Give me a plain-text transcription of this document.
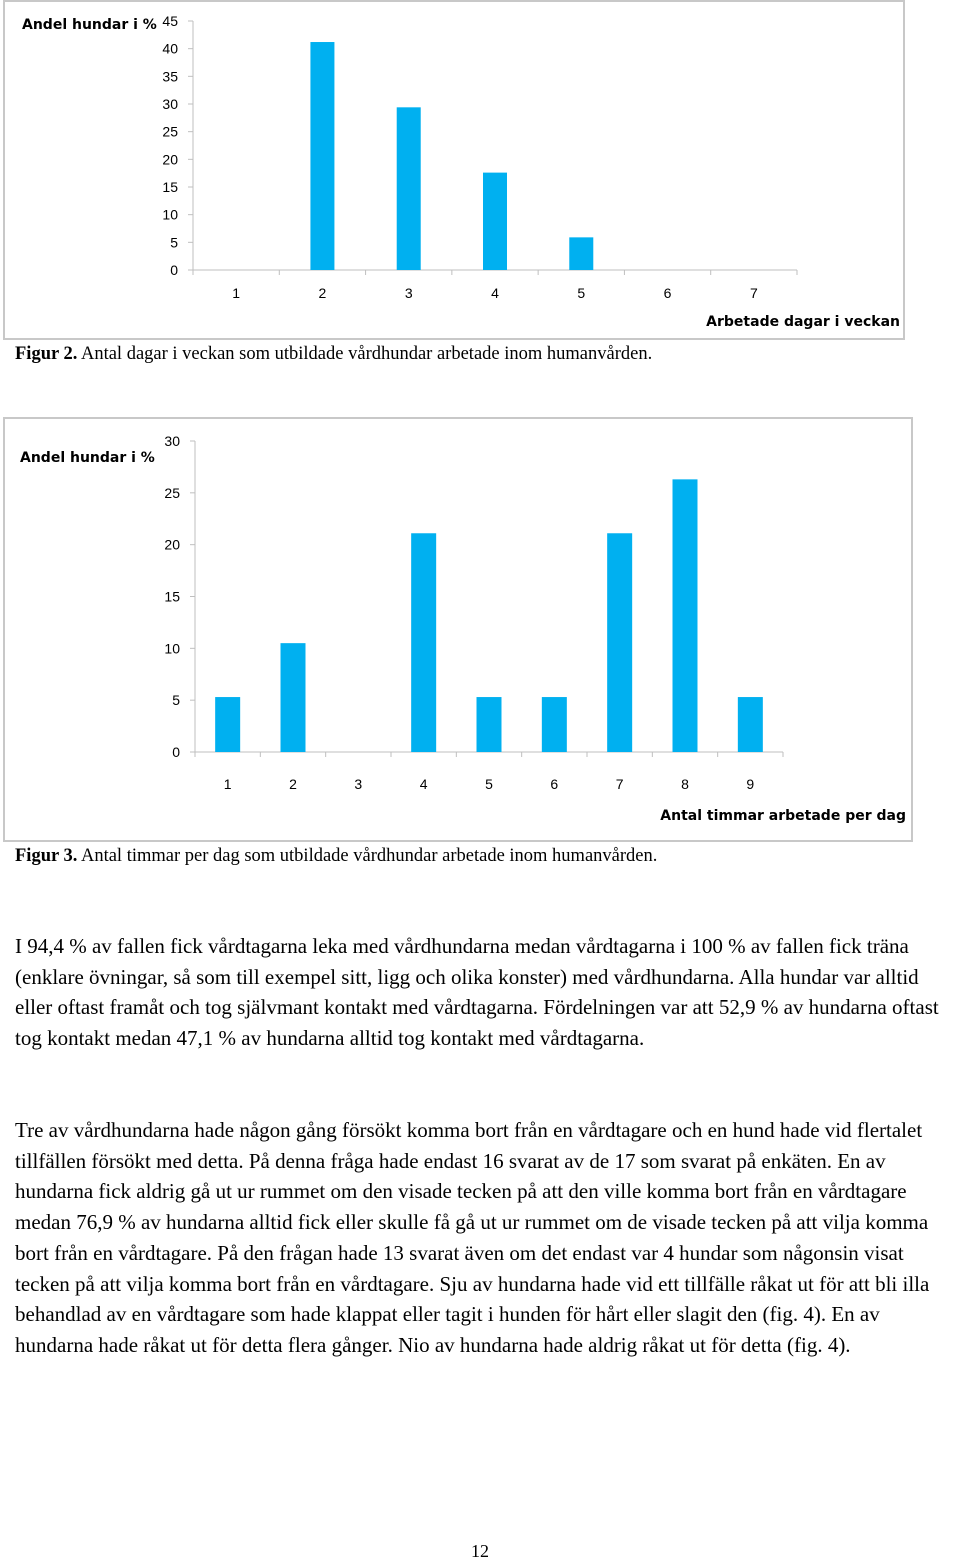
0
5
10
15
20
25
30
35
40
45
1	2	3	4	5	6	7
Andel hundar i %
Arbetade dagar i veckan
Figur 2. Antal dagar i veckan som utbildade vårdhundar arbetade inom humanvården.
0
5
10
15
20
25
30
1	2	3	4	5	6	7	8	9
Andel hundar i %
Antal timmar arbetade per dag
Figur 3. Antal timmar per dag som utbildade vårdhundar arbetade inom humanvården.

I 94,4 % av fallen fick vårdtagarna leka med vårdhundarna medan vårdtagarna i 100 % av fallen fick träna (enklare övningar, så som till exempel sitt, ligg och olika konster) med vårdhundarna. Alla hundar var alltid eller oftast framåt och tog självmant kontakt med vårdtagarna. Fördelningen var att 52,9 % av hundarna oftast tog kontakt medan 47,1 % av hundarna alltid tog kontakt med vårdtagarna.

Tre av vårdhundarna hade någon gång försökt komma bort från en vårdtagare och en hund hade vid flertalet tillfällen försökt med detta. På denna fråga hade endast 16 svarat av de 17 som svarat på enkäten. En av hundarna fick aldrig gå ut ur rummet om den visade tecken på att den ville komma bort från en vårdtagare medan 76,9 % av hundarna alltid fick eller skulle få gå ut ur rummet om de visade tecken på att vilja komma bort från en vårdtagare. På den frågan hade 13 svarat även om det endast var 4 hundar som någonsin visat tecken på att vilja komma bort från en vårdtagare. Sju av hundarna hade vid ett tillfälle råkat ut för att bli illa behandlad av en vårdtagare som hade klappat eller tagit i hunden för hårt eller slagit den (fig. 4). En av hundarna hade råkat ut för detta flera gånger. Nio av hundarna hade aldrig råkat ut för detta (fig. 4).

12
